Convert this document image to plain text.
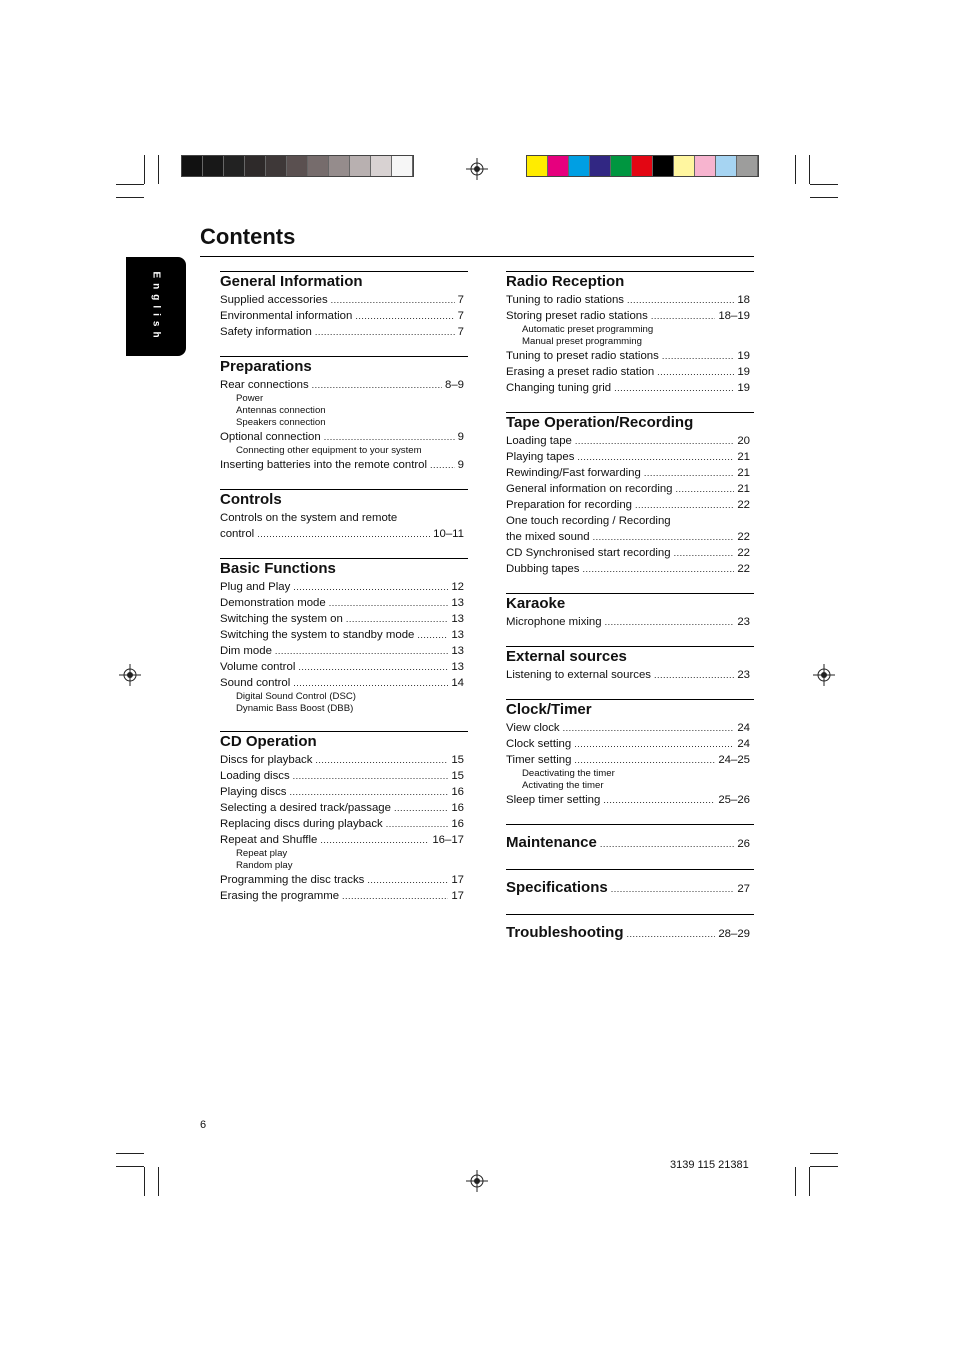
English
Contents
General Information
Supplied accessories .....	7
Environmental information .....	7
Safety information .....	7
Preparations
Rear connections .....	8–9
Power
Antennas connection
Speakers connection
Optional connection .....	9
Connecting other equipment to your system
Inserting batteries into the remote control .....	9
Controls
Controls on the system and remote
control .....	10–11
Basic Functions
Plug and Play .....	12
Demonstration mode .....	13
Switching the system on .....	13
Switching the system to standby mode .....	13
Dim mode .....	13
Volume control .....	13
Sound control .....	14
Digital Sound Control (DSC)
Dynamic Bass Boost (DBB)
CD Operation
Discs for playback .....	15
Loading discs .....	15
Playing discs .....	16
Selecting a desired track/passage .....	16
Replacing discs during playback .....	16
Repeat and Shuffle .....	16–17
Repeat play
Random play
Programming the disc tracks .....	17
Erasing the programme .....	17
Radio Reception
Tuning to radio stations .....	18
Storing preset radio stations .....	18–19
Automatic preset programming
Manual preset programming
Tuning to preset radio stations .....	19
Erasing a preset radio station .....	19
Changing tuning grid .....	19
Tape Operation/Recording
Loading tape .....	20
Playing tapes .....	21
Rewinding/Fast forwarding .....	21
General information on recording .....	21
Preparation for recording .....	22
One touch recording / Recording
the mixed sound .....	22
CD Synchronised start recording .....	22
Dubbing tapes .....	22
Karaoke
Microphone mixing .....	23
External sources
Listening to external sources .....	23
Clock/Timer
View clock .....	24
Clock setting .....	24
Timer setting .....	24–25
Deactivating the timer
Activating the timer
Sleep timer setting .....	25–26
Maintenance .....	26
Specifications .....	27
Troubleshooting .....	28–29
6
3139 115 21381
